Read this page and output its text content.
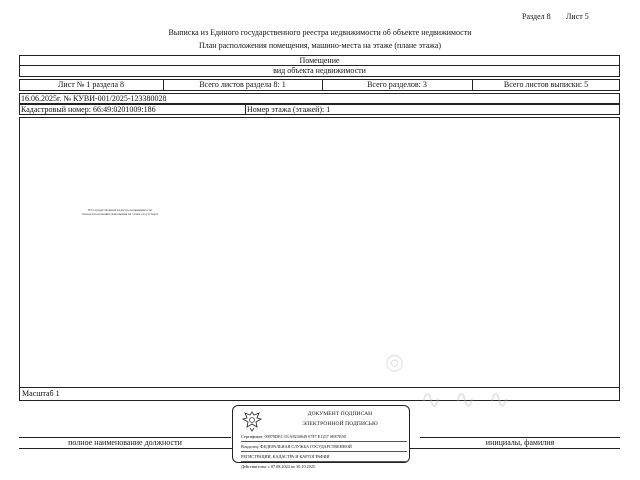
Раздел 8 Лист 5
Выписка из Единого государственного реестра недвижимости об объекте недвижимости
План расположения помещения, машино-места на этаже (плане этажа)
Помещение
вид объекта недвижимости
Лист № 1 раздела 8	Всего листов раздела 8: 1	Всего разделов: 3	Всего листов выписки: 5
16.06.2025г. № КУВИ-001/2025-123380028
Кадастровый номер: 66:49:0201009:186	Номер этажа (этажей): 1
В Государственном кадастре недвижимости
план расположения помещения на этаже отсутствует
Масштаб 1
◎
∿ ∿ ∿
полное наименование должности	инициалы, фамилия
ДОКУМЕНТ ПОДПИСАН
ЭЛЕКТРОННОЙ ПОДПИСЬЮ
Сертификат: 00979DEC 03 A8230649 07F7 E1257 0EE7E00
Владелец: ФЕДЕРАЛЬНАЯ СЛУЖБА ГОСУДАРСТВЕННОЙ
РЕГИСТРАЦИИ, КАДАСТРА И КАРТОГРАФИИ
Действителен: с 07.08.2024 по 30.10.2025
